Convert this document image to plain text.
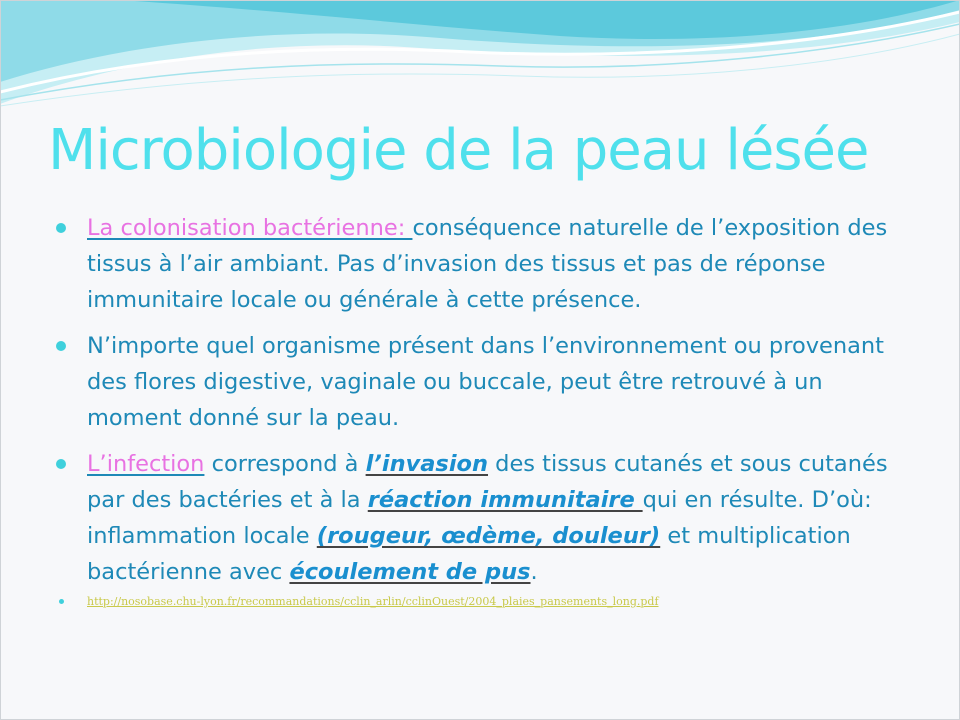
Microbiologie de la peau lésée
La colonisation bactérienne: conséquence naturelle de l’exposition des tissus à l’air ambiant. Pas d’invasion des tissus et pas de réponse immunitaire locale ou générale à cette présence.
N’importe quel organisme présent dans l’environnement ou provenant des flores digestive, vaginale ou buccale, peut être retrouvé à un moment donné sur la peau.
L’infection correspond à l’invasion des tissus cutanés et sous cutanés par des bactéries et à la réaction immunitaire qui en résulte. D’où: inflammation locale (rougeur, œdème, douleur) et multiplication bactérienne avec écoulement de pus.
http://nosobase.chu-lyon.fr/recommandations/cclin_arlin/cclinOuest/2004_plaies_pansements_long.pdf
